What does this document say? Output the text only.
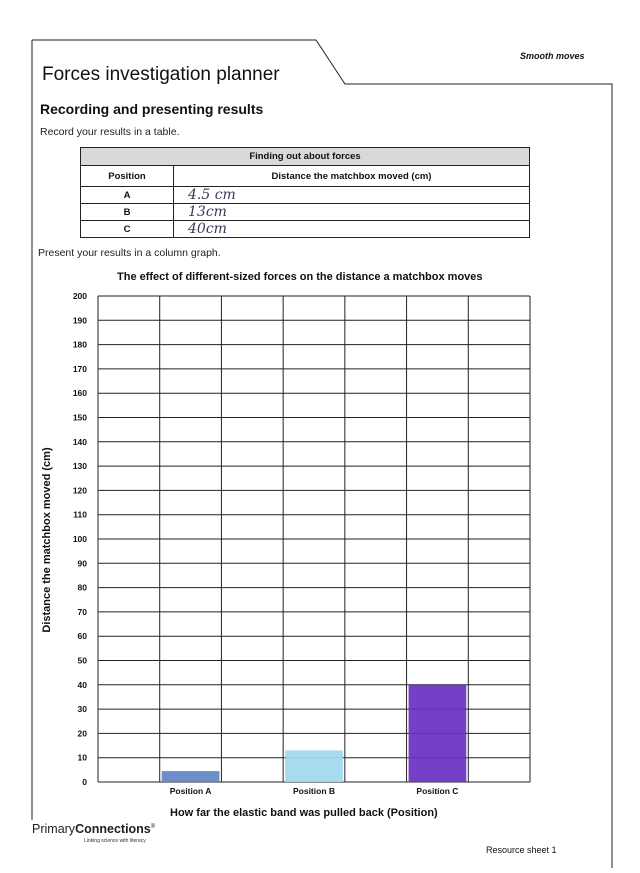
Smooth moves
Forces investigation planner
Recording and presenting results
Record your results in a table.
Finding out about forces	
Position	Distance the matchbox moved (cm)
A	4.5 cm
B	13cm
C	40cm
Present your results in a column graph.
The effect of different-sized forces on the distance a matchbox moves
0
10
20
30
40
50
60
70
80
90
100
110
120
130
140
150
160
170
180
190
200
Position A	Position B	Position C
Distance the matchbox moved (cm)
How far the elastic band was pulled back (Position)
PrimaryConnections®
Linking science with literacy
Resource sheet 1
